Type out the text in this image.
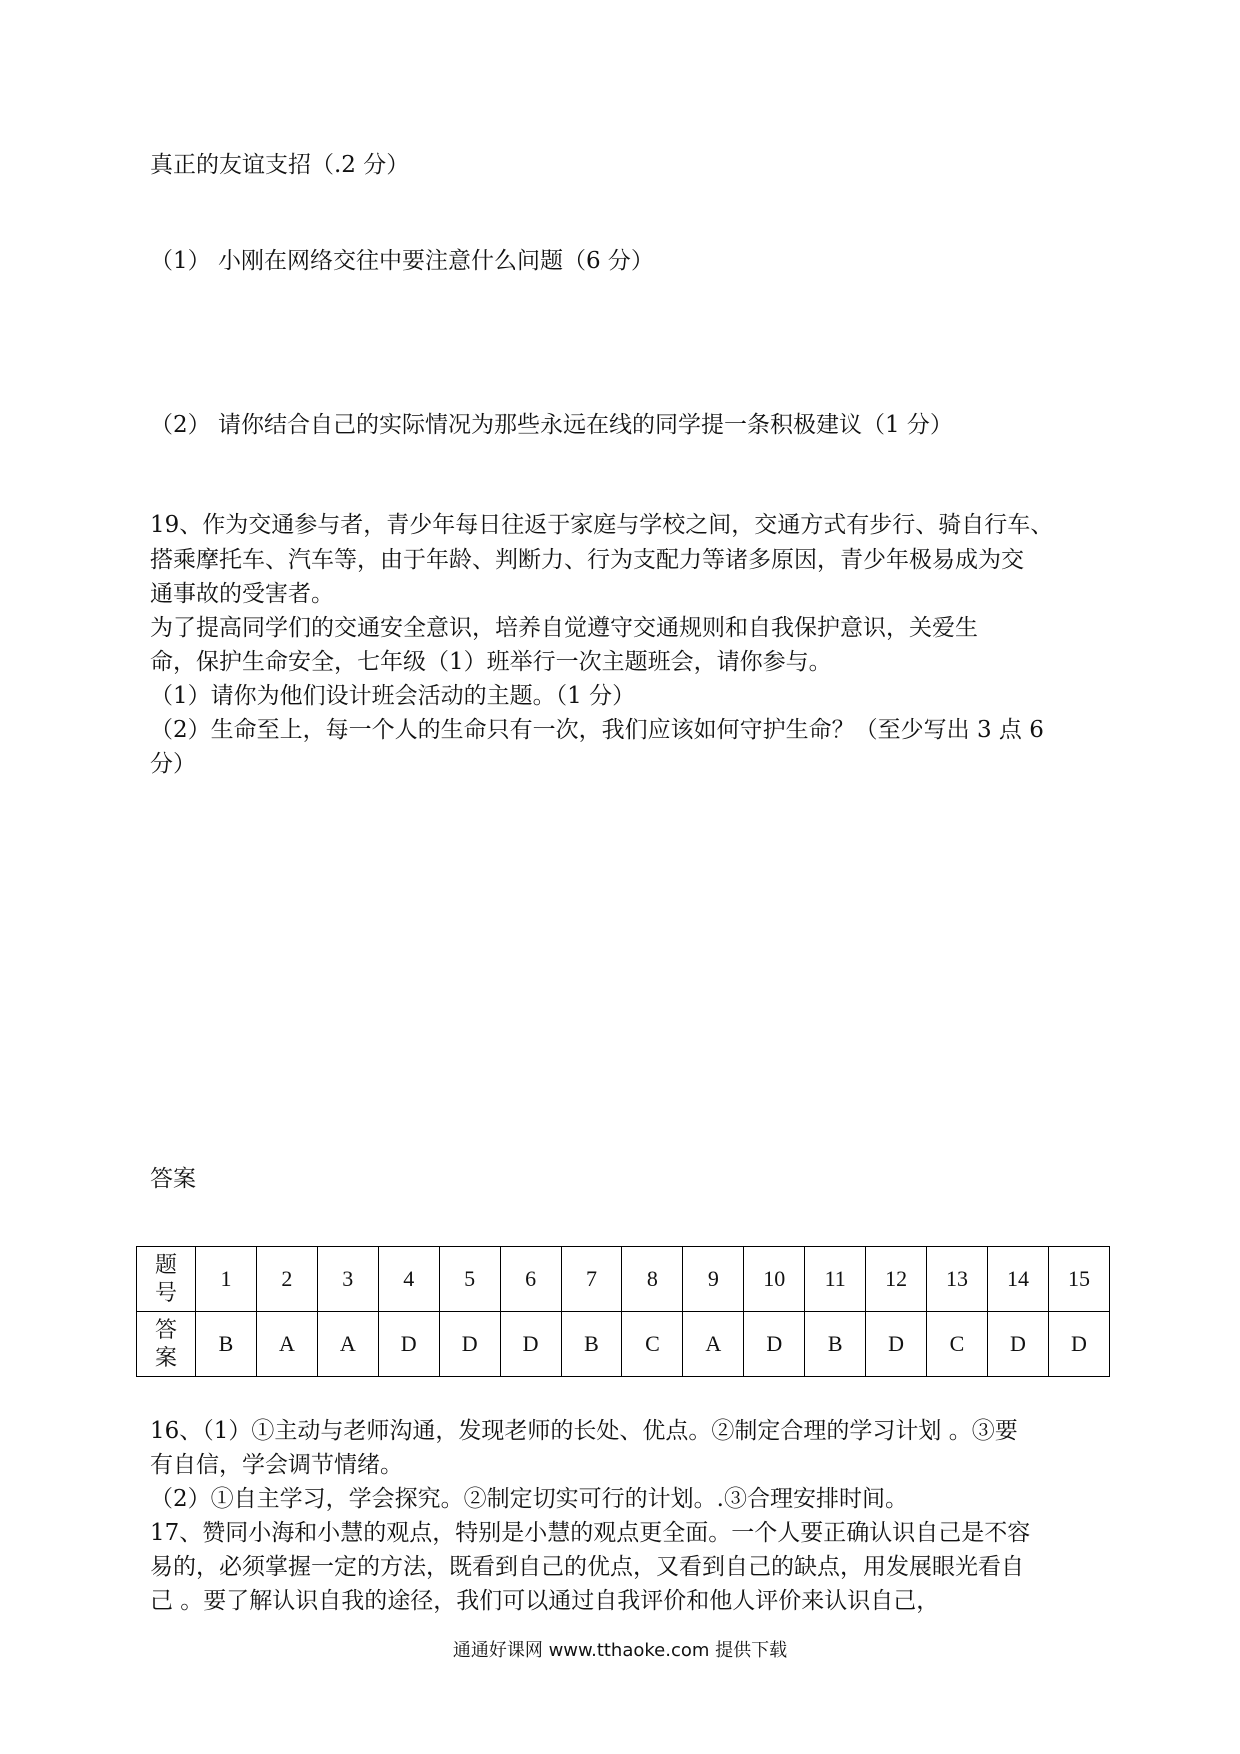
真正的友谊支招（.2 分）
（1） 小刚在网络交往中要注意什么问题（6 分）
（2） 请你结合自己的实际情况为那些永远在线的同学提一条积极建议（1 分）
19、作为交通参与者，青少年每日往返于家庭与学校之间，交通方式有步行、骑自行车、
搭乘摩托车、汽车等，由于年龄、判断力、行为支配力等诸多原因，青少年极易成为交
通事故的受害者。
为了提高同学们的交通安全意识，培养自觉遵守交通规则和自我保护意识，关爱生
命，保护生命安全，七年级（1）班举行一次主题班会，请你参与。
（1）请你为他们设计班会活动的主题。（1 分）
（2）生命至上，每一个人的生命只有一次，我们应该如何守护生命？（至少写出 3 点 6
分）
答案
题
号	1	2	3	4	5	6	7	8	9	10	11	12	13	14	15
答
案	B	A	A	D	D	D	B	C	A	D	B	D	C	D	D
16、（1）①主动与老师沟通，发现老师的长处、优点。②制定合理的学习计划 。③要
有自信，学会调节情绪。
（2）①自主学习，学会探究。②制定切实可行的计划。.③合理安排时间。
17、赞同小海和小慧的观点，特别是小慧的观点更全面。一个人要正确认识自己是不容
易的，必须掌握一定的方法，既看到自己的优点，又看到自己的缺点，用发展眼光看自
己 。要了解认识自我的途径，我们可以通过自我评价和他人评价来认识自己，
通通好课网 www.tthaoke.com 提供下载
